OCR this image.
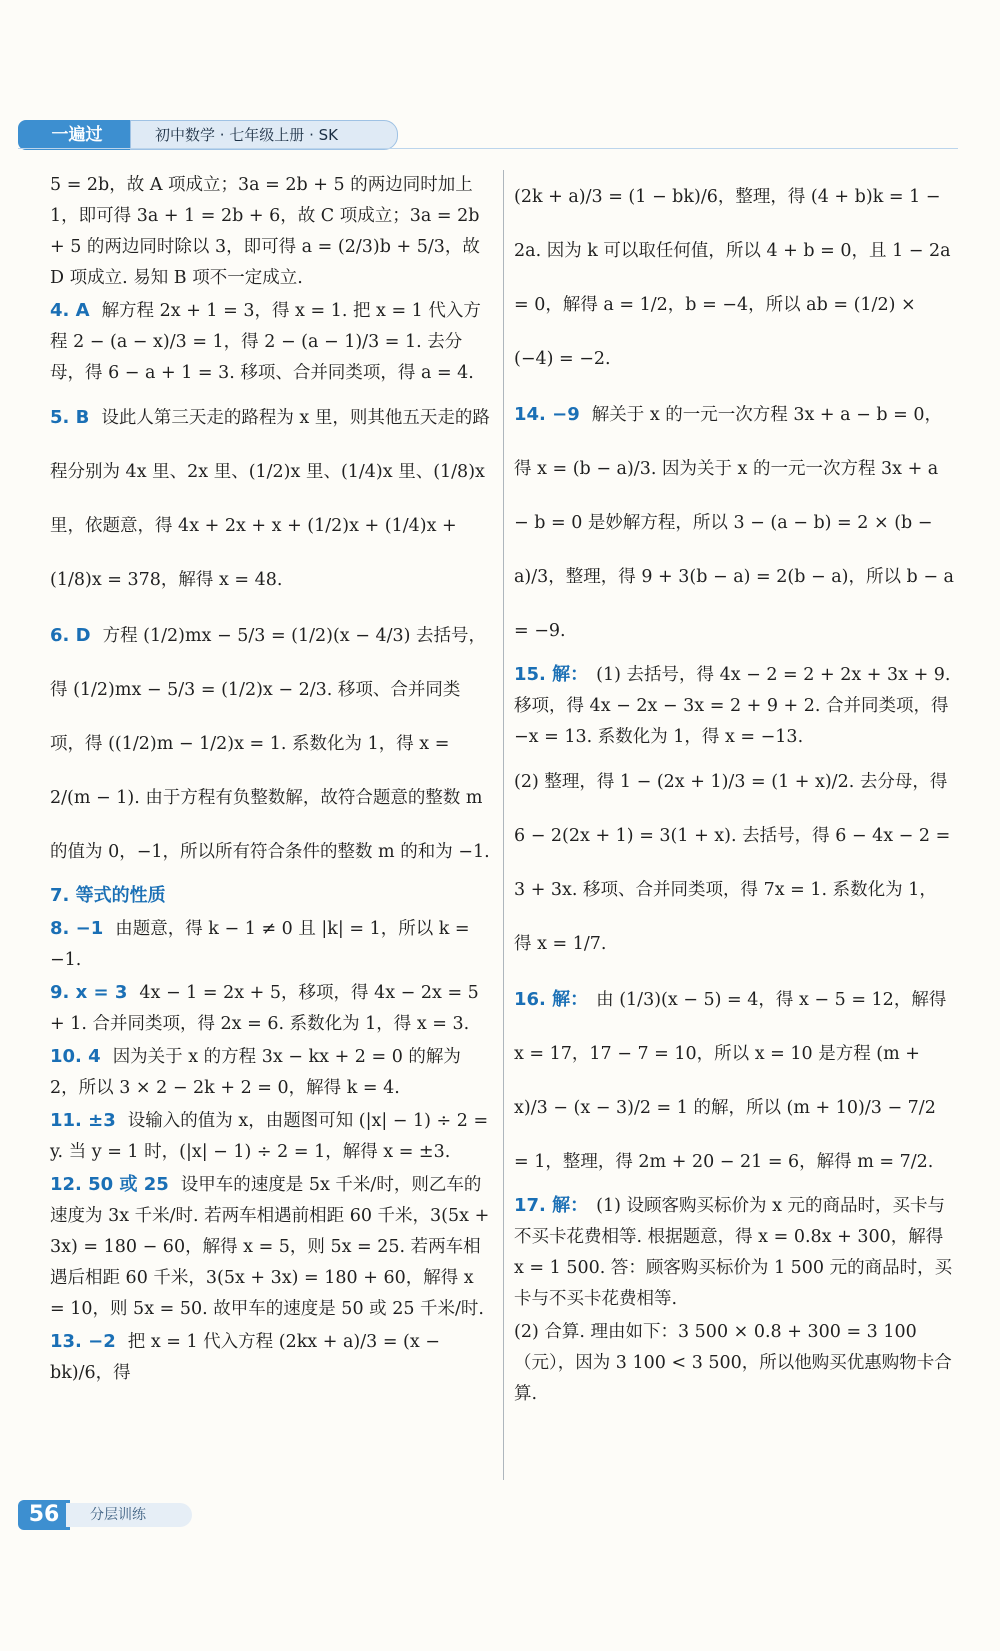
一遍过	初中数学 · 七年级上册 · SK
5 = 2b，故 A 项成立；3a = 2b + 5 的两边同时加上 1，即可得 3a + 1 = 2b + 6，故 C 项成立；3a = 2b + 5 的两边同时除以 3，即可得 a = (2/3)b + 5/3，故 D 项成立. 易知 B 项不一定成立.
4. A 解方程 2x + 1 = 3，得 x = 1. 把 x = 1 代入方程 2 − (a − x)/3 = 1，得 2 − (a − 1)/3 = 1. 去分母，得 6 − a + 1 = 3. 移项、合并同类项，得 a = 4.
5. B 设此人第三天走的路程为 x 里，则其他五天走的路程分别为 4x 里、2x 里、(1/2)x 里、(1/4)x 里、(1/8)x 里，依题意，得 4x + 2x + x + (1/2)x + (1/4)x + (1/8)x = 378，解得 x = 48.
6. D 方程 (1/2)mx − 5/3 = (1/2)(x − 4/3) 去括号，得 (1/2)mx − 5/3 = (1/2)x − 2/3. 移项、合并同类项，得 ((1/2)m − 1/2)x = 1. 系数化为 1，得 x = 2/(m − 1). 由于方程有负整数解，故符合题意的整数 m 的值为 0，−1，所以所有符合条件的整数 m 的和为 −1.
7. 等式的性质
8. −1 由题意，得 k − 1 ≠ 0 且 |k| = 1，所以 k = −1.
9. x = 3 4x − 1 = 2x + 5，移项，得 4x − 2x = 5 + 1. 合并同类项，得 2x = 6. 系数化为 1，得 x = 3.
10. 4 因为关于 x 的方程 3x − kx + 2 = 0 的解为 2，所以 3 × 2 − 2k + 2 = 0，解得 k = 4.
11. ±3 设输入的值为 x，由题图可知 (|x| − 1) ÷ 2 = y. 当 y = 1 时，(|x| − 1) ÷ 2 = 1，解得 x = ±3.
12. 50 或 25 设甲车的速度是 5x 千米/时，则乙车的速度为 3x 千米/时. 若两车相遇前相距 60 千米，3(5x + 3x) = 180 − 60，解得 x = 5，则 5x = 25. 若两车相遇后相距 60 千米，3(5x + 3x) = 180 + 60，解得 x = 10，则 5x = 50. 故甲车的速度是 50 或 25 千米/时.
13. −2 把 x = 1 代入方程 (2kx + a)/3 = (x − bk)/6，得
(2k + a)/3 = (1 − bk)/6，整理，得 (4 + b)k = 1 − 2a. 因为 k 可以取任何值，所以 4 + b = 0，且 1 − 2a = 0，解得 a = 1/2，b = −4，所以 ab = (1/2) × (−4) = −2.
14. −9 解关于 x 的一元一次方程 3x + a − b = 0，得 x = (b − a)/3. 因为关于 x 的一元一次方程 3x + a − b = 0 是妙解方程，所以 3 − (a − b) = 2 × (b − a)/3，整理，得 9 + 3(b − a) = 2(b − a)，所以 b − a = −9.
15. 解： (1) 去括号，得 4x − 2 = 2 + 2x + 3x + 9. 移项，得 4x − 2x − 3x = 2 + 9 + 2. 合并同类项，得 −x = 13. 系数化为 1，得 x = −13.
(2) 整理，得 1 − (2x + 1)/3 = (1 + x)/2. 去分母，得 6 − 2(2x + 1) = 3(1 + x). 去括号，得 6 − 4x − 2 = 3 + 3x. 移项、合并同类项，得 7x = 1. 系数化为 1，得 x = 1/7.
16. 解： 由 (1/3)(x − 5) = 4，得 x − 5 = 12，解得 x = 17，17 − 7 = 10，所以 x = 10 是方程 (m + x)/3 − (x − 3)/2 = 1 的解，所以 (m + 10)/3 − 7/2 = 1，整理，得 2m + 20 − 21 = 6，解得 m = 7/2.
17. 解： (1) 设顾客购买标价为 x 元的商品时，买卡与不买卡花费相等. 根据题意，得 x = 0.8x + 300，解得 x = 1 500. 答：顾客购买标价为 1 500 元的商品时，买卡与不买卡花费相等.
(2) 合算. 理由如下：3 500 × 0.8 + 300 = 3 100（元），因为 3 100 < 3 500，所以他购买优惠购物卡合算.
56	分层训练
